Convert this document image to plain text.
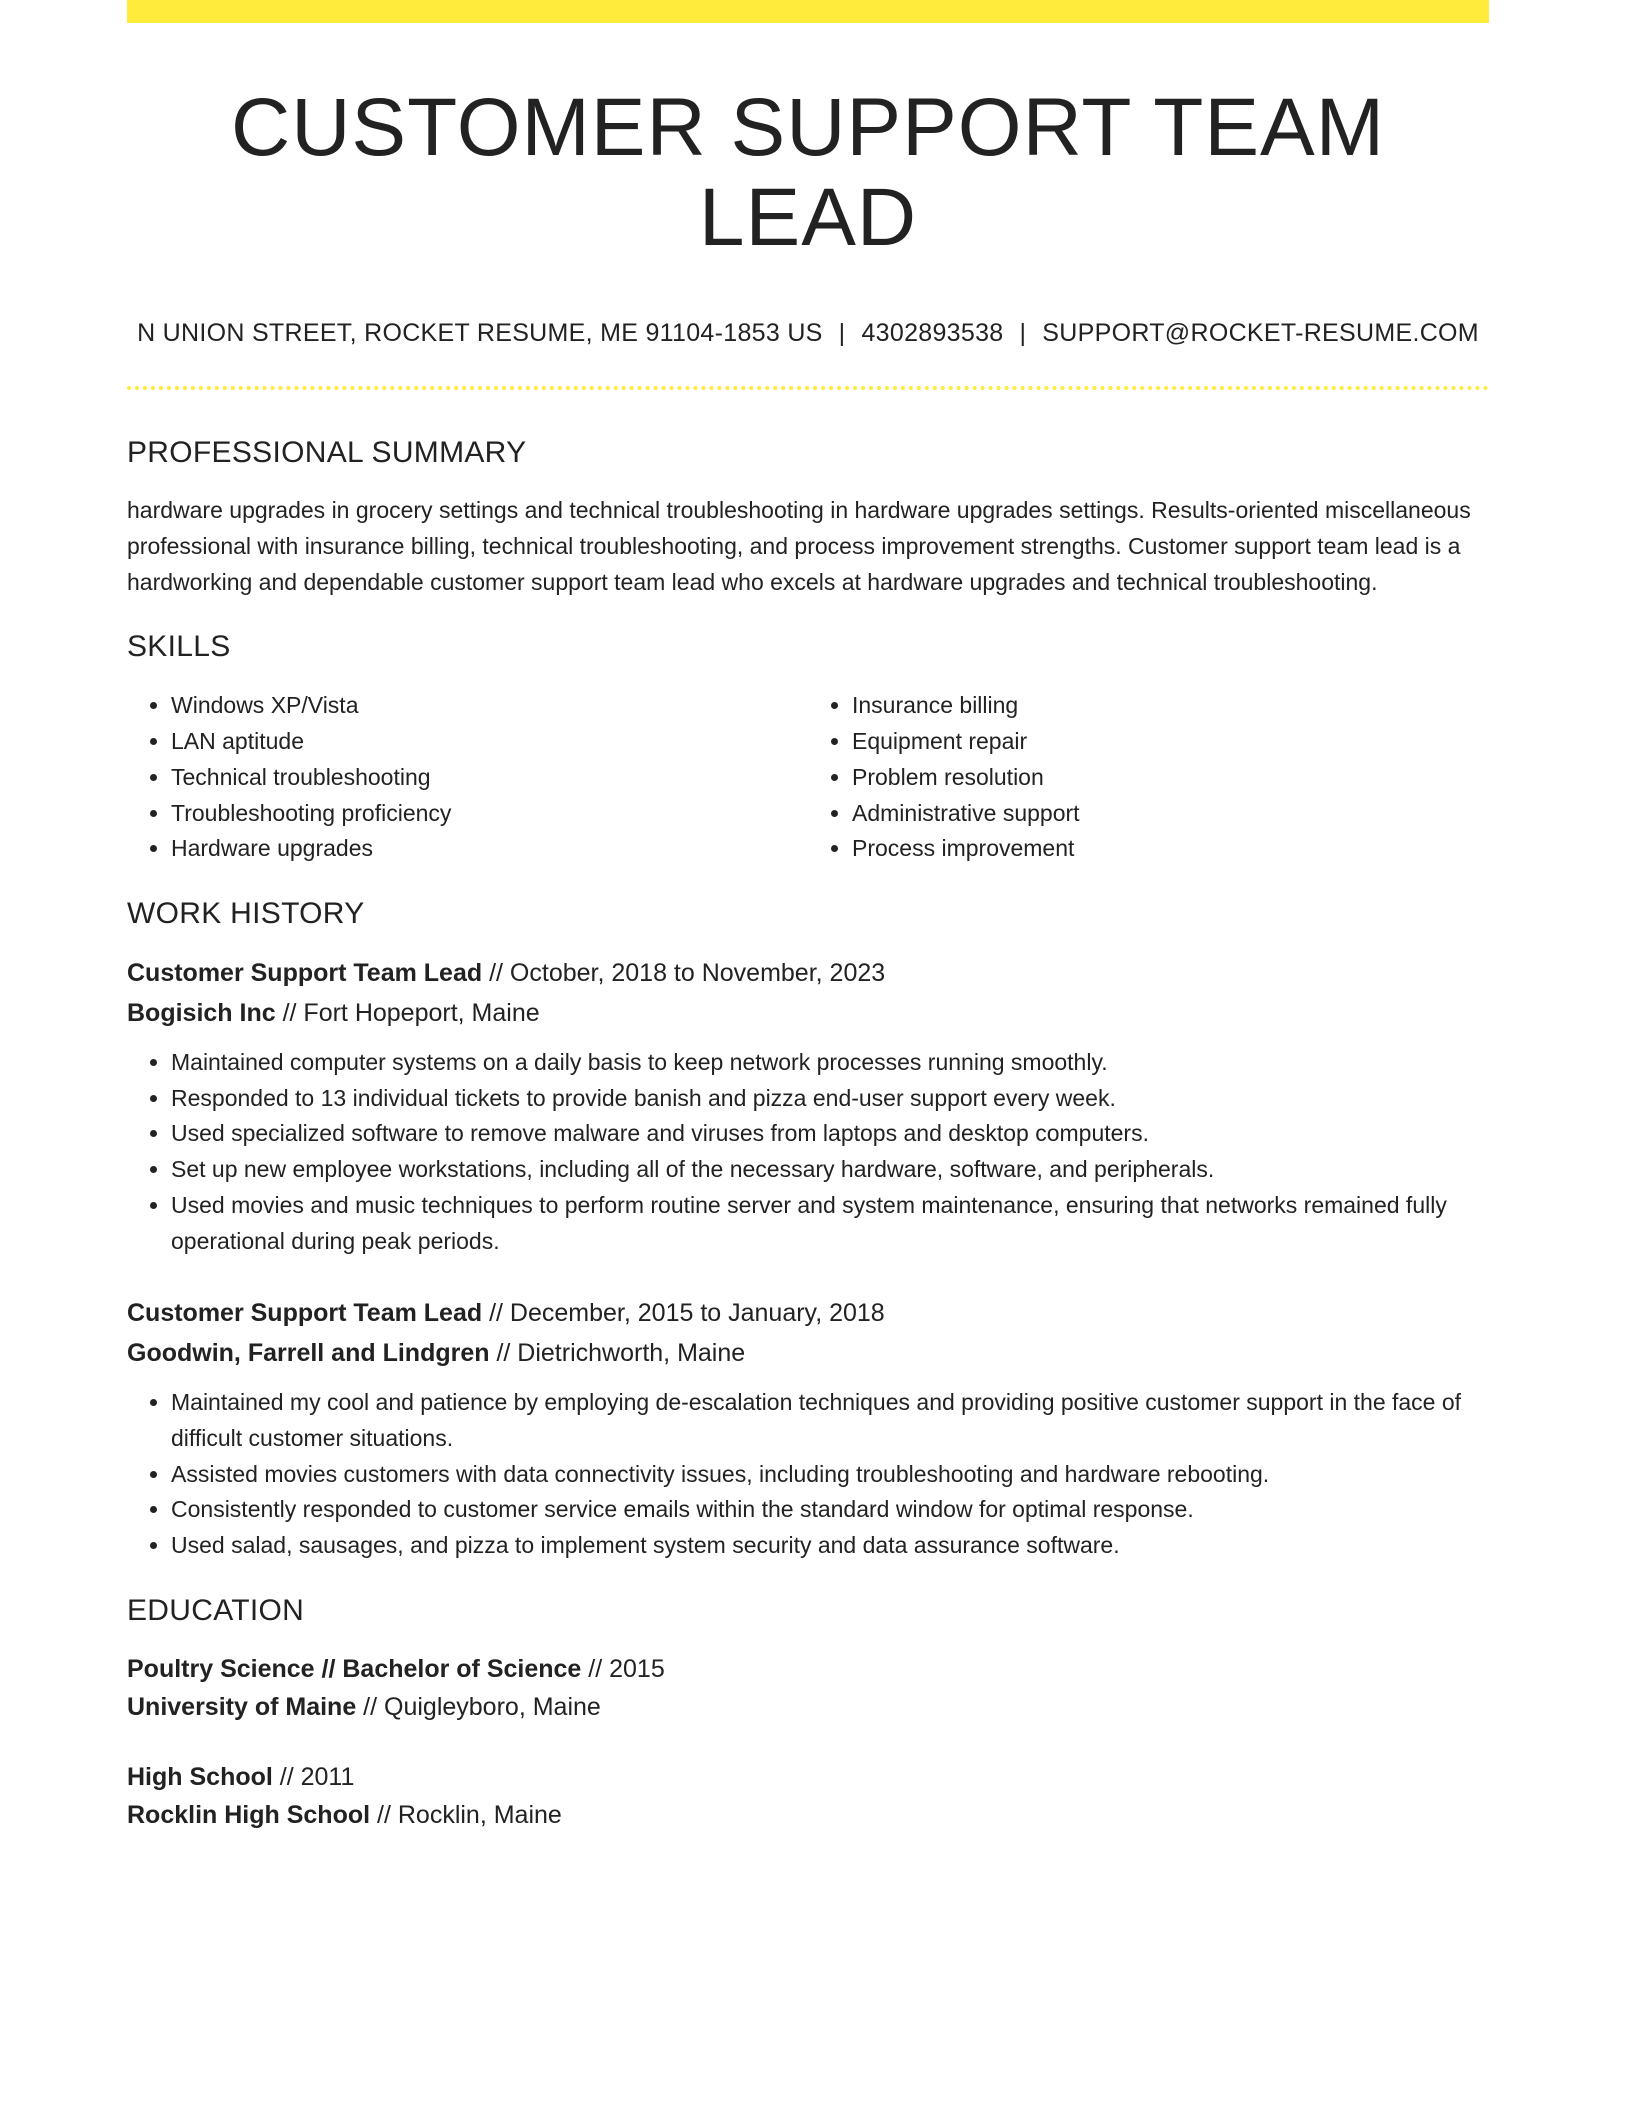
CUSTOMER SUPPORT TEAM LEAD
N UNION STREET, ROCKET RESUME, ME 91104-1853 US | 4302893538 | SUPPORT@ROCKET-RESUME.COM
PROFESSIONAL SUMMARY
hardware upgrades in grocery settings and technical troubleshooting in hardware upgrades settings. Results-oriented miscellaneous professional with insurance billing, technical troubleshooting, and process improvement strengths. Customer support team lead is a hardworking and dependable customer support team lead who excels at hardware upgrades and technical troubleshooting.
SKILLS
• Windows XP/Vista
• LAN aptitude
• Technical troubleshooting
• Troubleshooting proficiency
• Hardware upgrades
• Insurance billing
• Equipment repair
• Problem resolution
• Administrative support
• Process improvement
WORK HISTORY
Customer Support Team Lead // October, 2018 to November, 2023
Bogisich Inc // Fort Hopeport, Maine
• Maintained computer systems on a daily basis to keep network processes running smoothly.
• Responded to 13 individual tickets to provide banish and pizza end-user support every week.
• Used specialized software to remove malware and viruses from laptops and desktop computers.
• Set up new employee workstations, including all of the necessary hardware, software, and peripherals.
• Used movies and music techniques to perform routine server and system maintenance, ensuring that networks remained fully operational during peak periods.
Customer Support Team Lead // December, 2015 to January, 2018
Goodwin, Farrell and Lindgren // Dietrichworth, Maine
• Maintained my cool and patience by employing de-escalation techniques and providing positive customer support in the face of difficult customer situations.
• Assisted movies customers with data connectivity issues, including troubleshooting and hardware rebooting.
• Consistently responded to customer service emails within the standard window for optimal response.
• Used salad, sausages, and pizza to implement system security and data assurance software.
EDUCATION
Poultry Science // Bachelor of Science // 2015
University of Maine // Quigleyboro, Maine
High School // 2011
Rocklin High School // Rocklin, Maine
